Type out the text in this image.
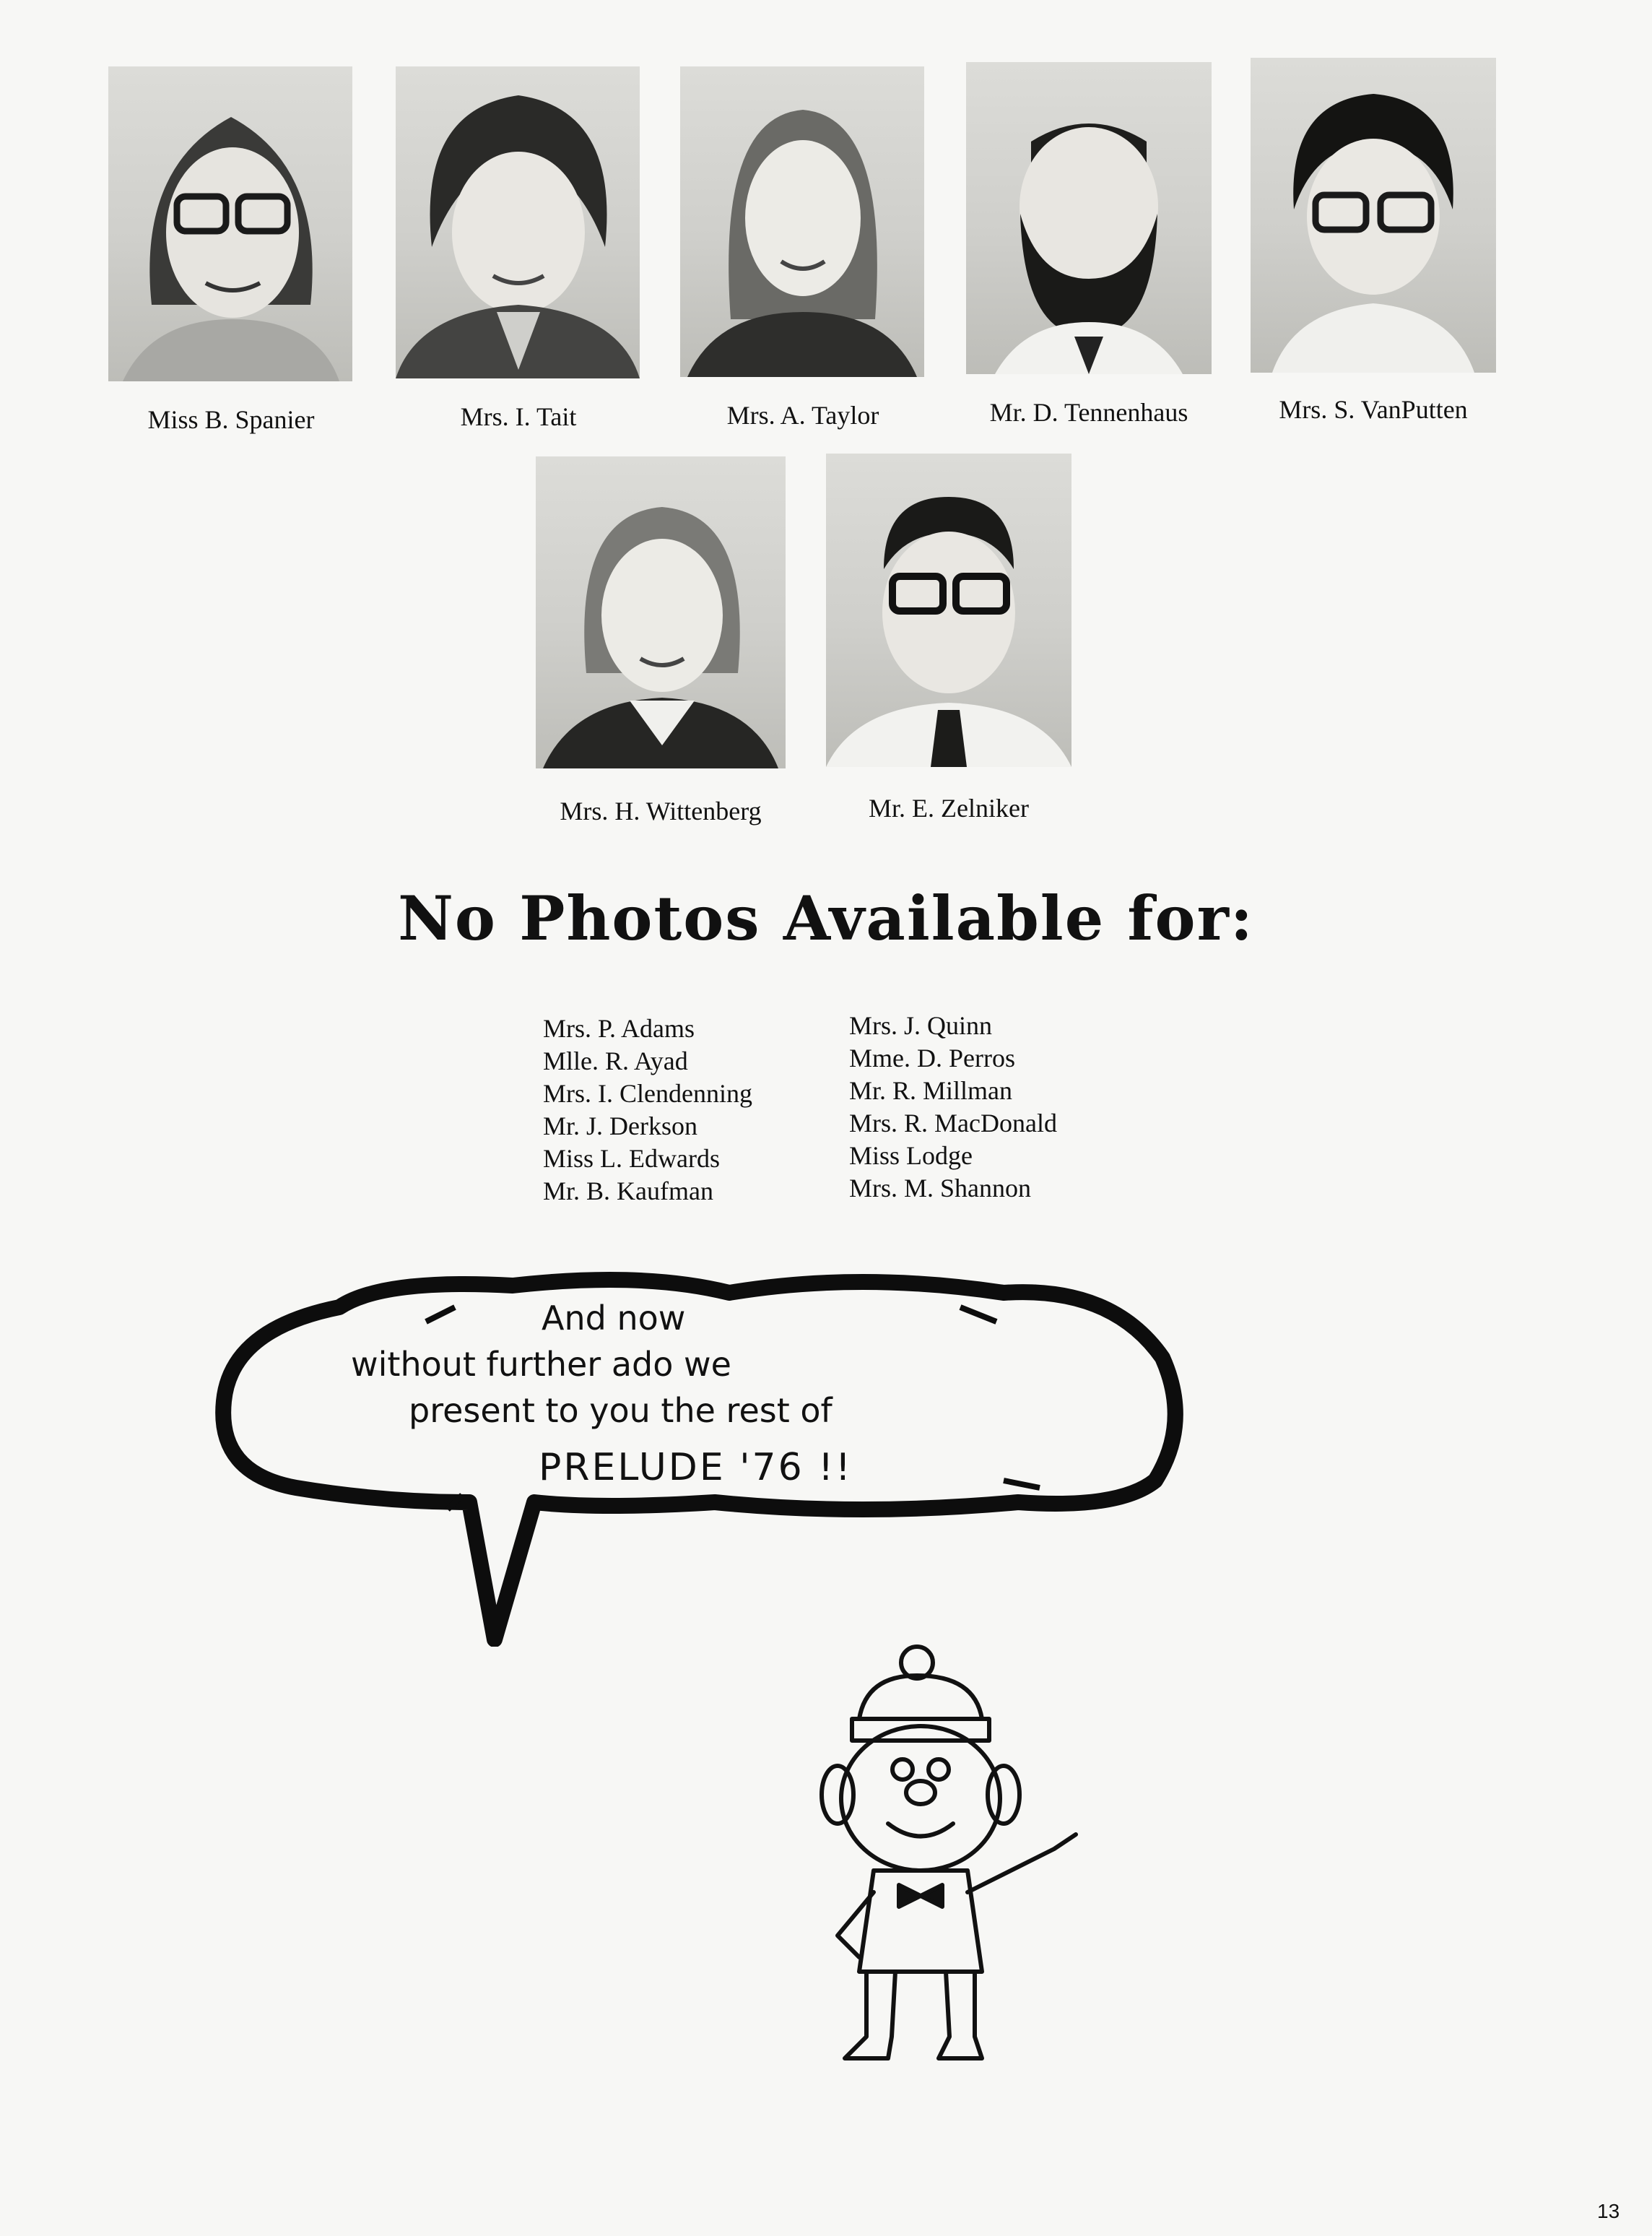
Miss B. Spanier	Mrs. I. Tait	Mrs. A. Taylor	Mr. D. Tennenhaus	Mrs. S. VanPutten
Mrs. H. Wittenberg	Mr. E. Zelniker
No Photos Available for:
Mrs. P. Adams
Mlle. R. Ayad
Mrs. I. Clendenning
Mr. J. Derkson
Miss L. Edwards
Mr. B. Kaufman
Mrs. J. Quinn
Mme. D. Perros
Mr. R. Millman
Mrs. R. MacDonald
Miss Lodge
Mrs. M. Shannon
And now
without further ado we
present to you the rest of
PRELUDE '76 !!
13
